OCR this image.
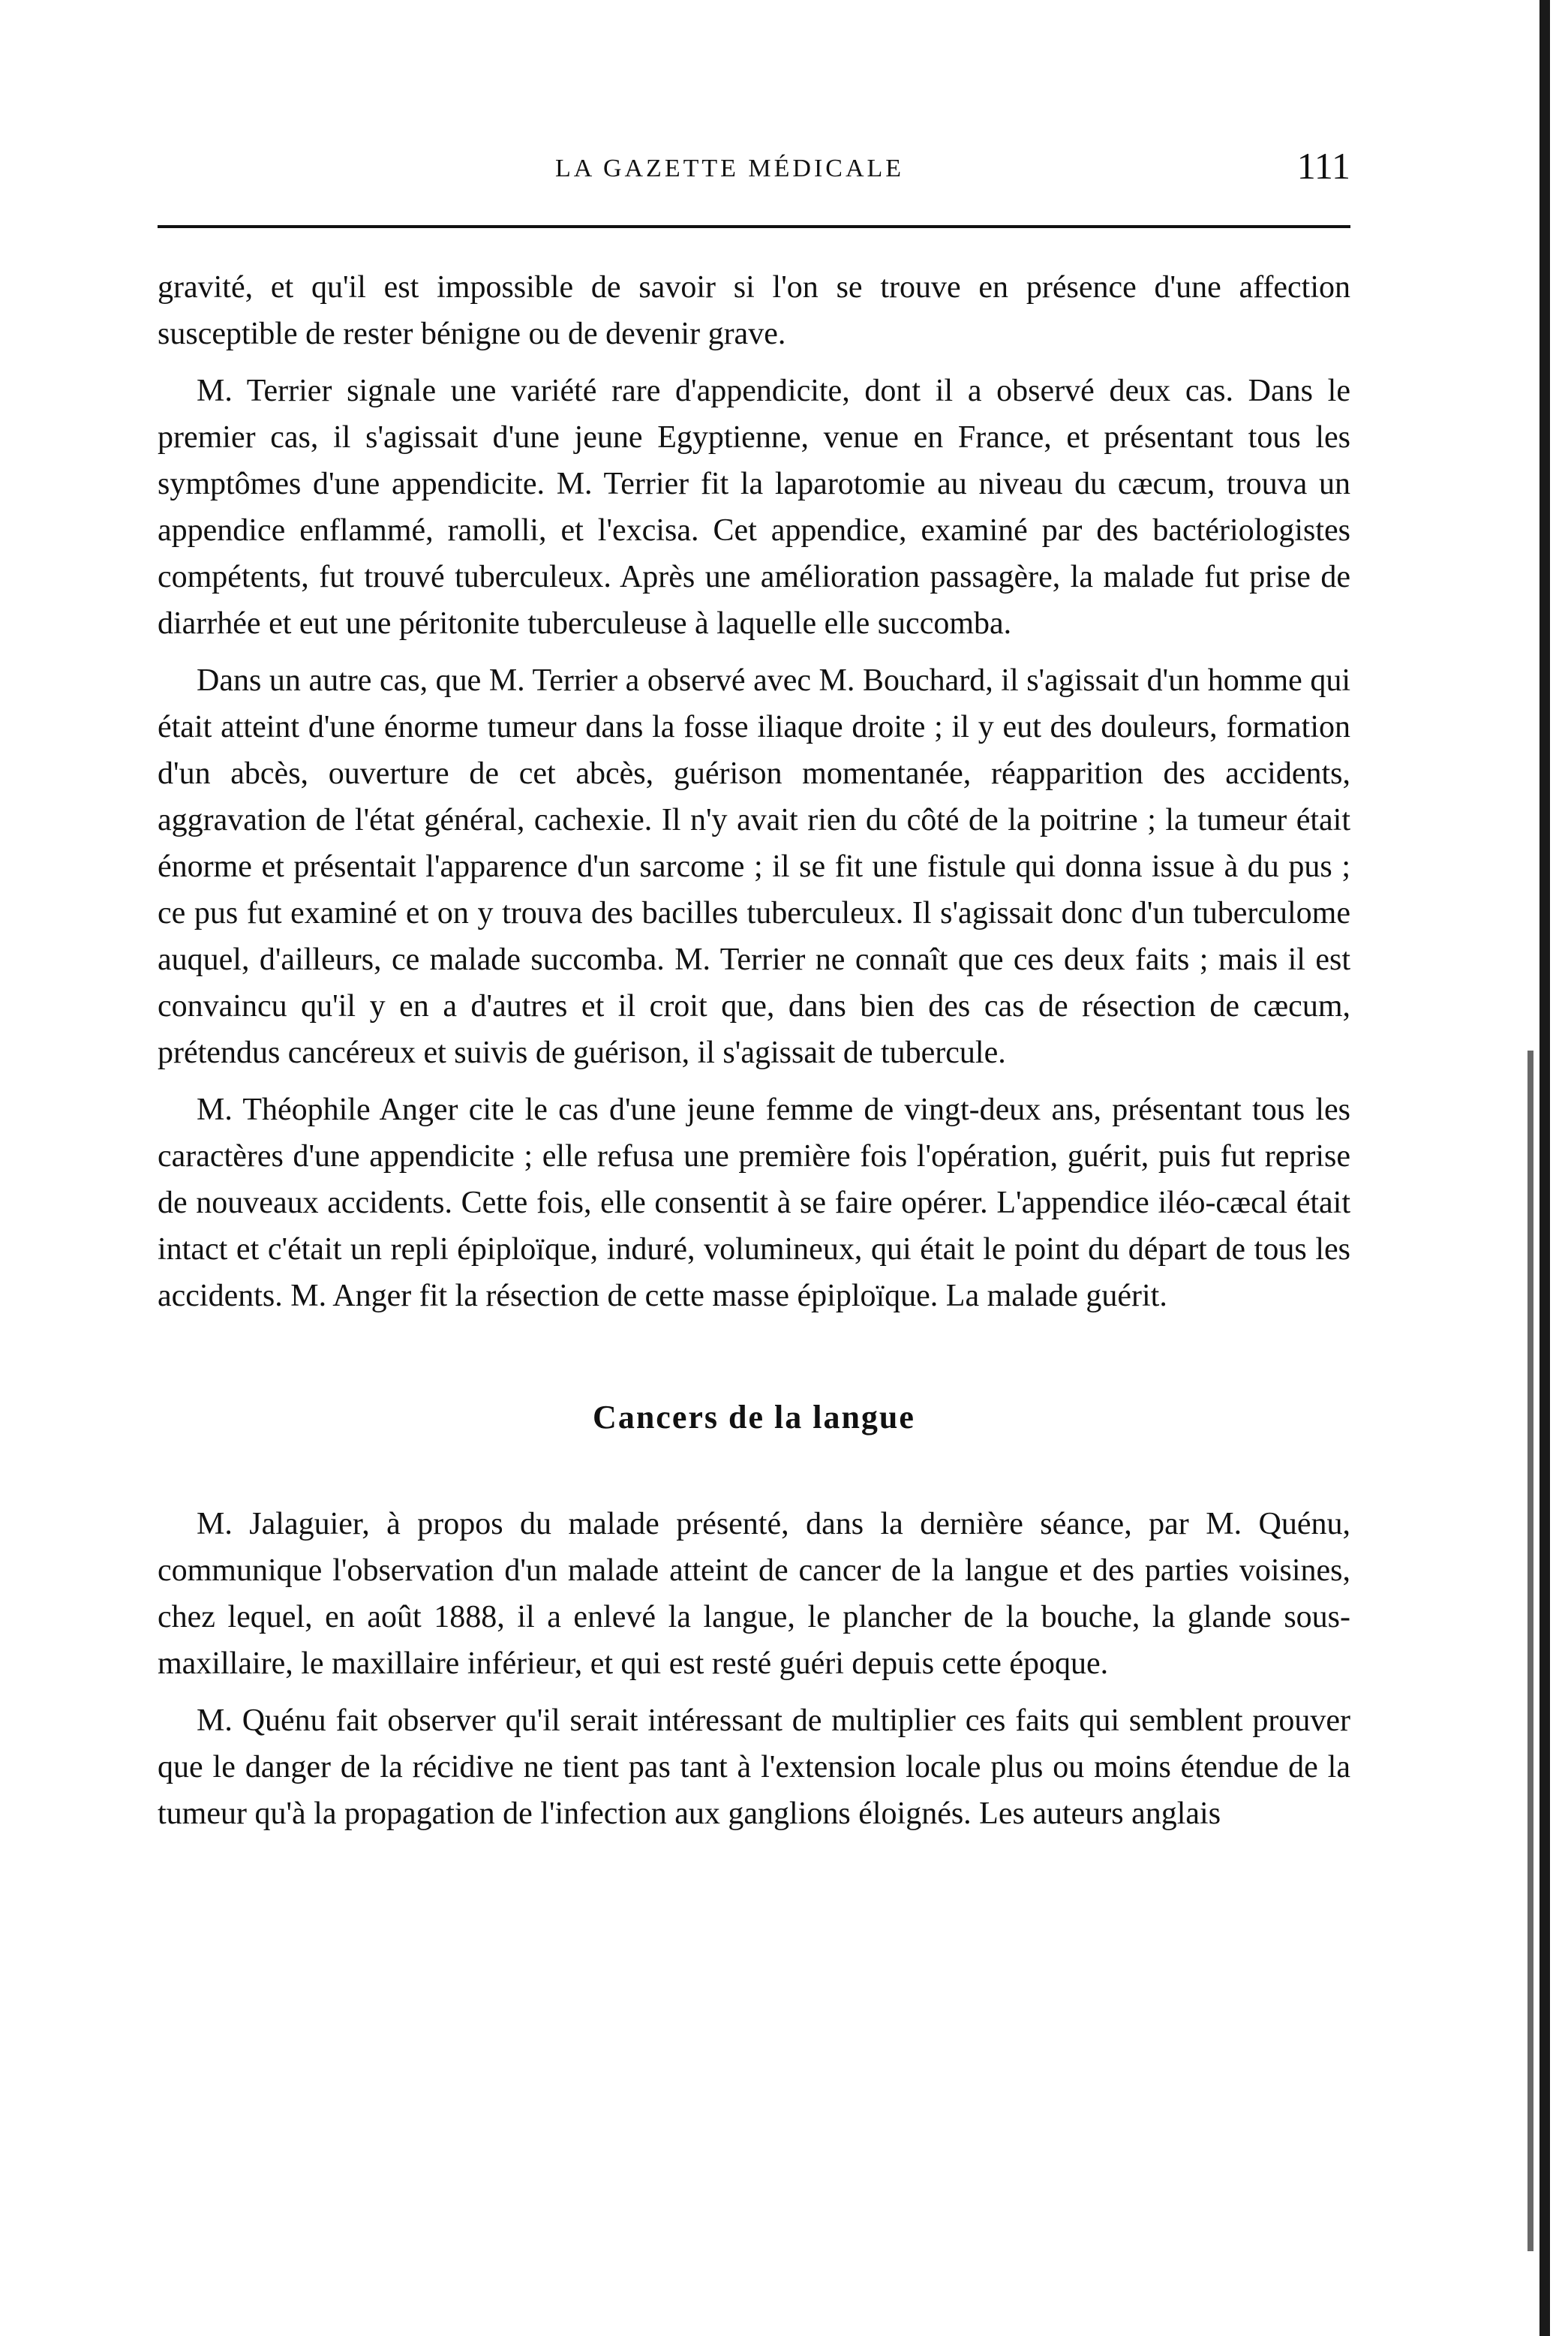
LA GAZETTE MÉDICALE	111

gravité, et qu'il est impossible de savoir si l'on se trouve en présence d'une affection susceptible de rester bénigne ou de devenir grave.

M. Terrier signale une variété rare d'appendicite, dont il a observé deux cas. Dans le premier cas, il s'agissait d'une jeune Egyptienne, venue en France, et présentant tous les symptômes d'une appendicite. M. Terrier fit la laparotomie au niveau du cæcum, trouva un appendice enflammé, ramolli, et l'excisa. Cet appendice, examiné par des bactériologistes compétents, fut trouvé tuberculeux. Après une amélioration passagère, la malade fut prise de diarrhée et eut une péritonite tuberculeuse à laquelle elle succomba.

Dans un autre cas, que M. Terrier a observé avec M. Bouchard, il s'agissait d'un homme qui était atteint d'une énorme tumeur dans la fosse iliaque droite ; il y eut des douleurs, formation d'un abcès, ouverture de cet abcès, guérison momentanée, réapparition des accidents, aggravation de l'état général, cachexie. Il n'y avait rien du côté de la poitrine ; la tumeur était énorme et présentait l'apparence d'un sarcome ; il se fit une fistule qui donna issue à du pus ; ce pus fut examiné et on y trouva des bacilles tuberculeux. Il s'agissait donc d'un tuberculome auquel, d'ailleurs, ce malade succomba. M. Terrier ne connaît que ces deux faits ; mais il est convaincu qu'il y en a d'autres et il croit que, dans bien des cas de résection de cæcum, prétendus cancéreux et suivis de guérison, il s'agissait de tubercule.

M. Théophile Anger cite le cas d'une jeune femme de vingt-deux ans, présentant tous les caractères d'une appendicite ; elle refusa une première fois l'opération, guérit, puis fut reprise de nouveaux accidents. Cette fois, elle consentit à se faire opérer. L'appendice iléo-cæcal était intact et c'était un repli épiploïque, induré, volumineux, qui était le point du départ de tous les accidents. M. Anger fit la résection de cette masse épiploïque. La malade guérit.

Cancers de la langue

M. Jalaguier, à propos du malade présenté, dans la dernière séance, par M. Quénu, communique l'observation d'un malade atteint de cancer de la langue et des parties voisines, chez lequel, en août 1888, il a enlevé la langue, le plancher de la bouche, la glande sous-maxillaire, le maxillaire inférieur, et qui est resté guéri depuis cette époque.

M. Quénu fait observer qu'il serait intéressant de multiplier ces faits qui semblent prouver que le danger de la récidive ne tient pas tant à l'extension locale plus ou moins étendue de la tumeur qu'à la propagation de l'infection aux ganglions éloignés. Les auteurs anglais
